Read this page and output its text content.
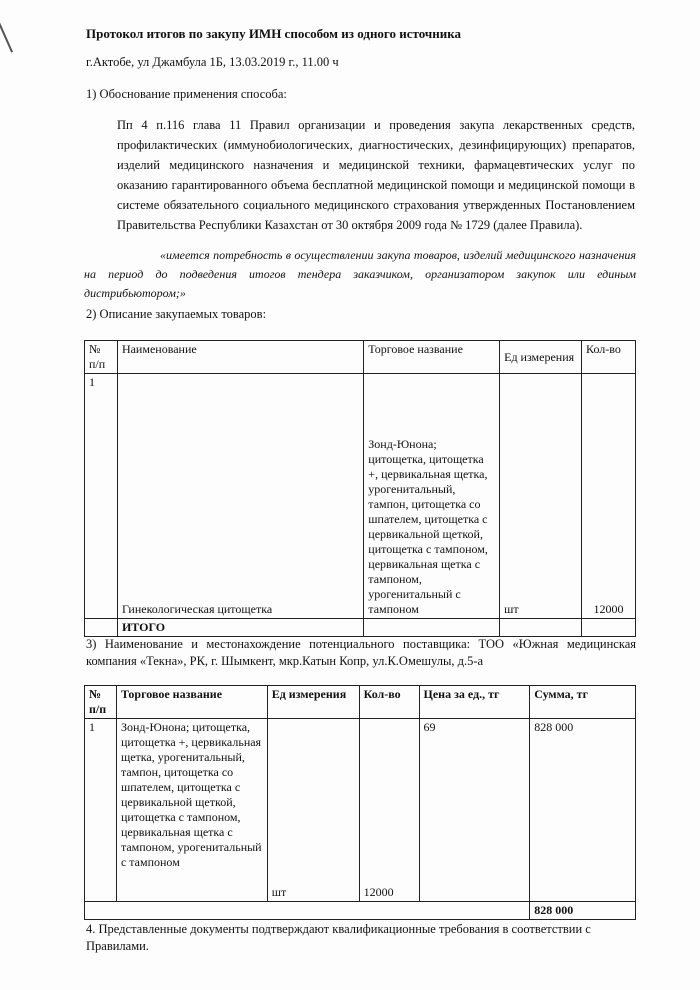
Протокол итогов по закупу ИМН способом из одного источника
г.Актобе, ул Джамбула 1Б, 13.03.2019 г., 11.00 ч
1) Обоснование применения способа:
Пп 4 п.116 глава 11 Правил организации и проведения закупа лекарственных средств, профилактических (иммунобиологических, диагностических, дезинфицирующих) препаратов, изделий медицинского назначения и медицинской техники, фармацевтических услуг по оказанию гарантированного объема бесплатной медицинской помощи и медицинской помощи в системе обязательного социального медицинского страхования утвержденных Постановлением Правительства Республики Казахстан от 30 октября 2009 года № 1729 (далее Правила).
«имеется потребность в осуществлении закупа товаров, изделий медицинского назначения на период до подведения итогов тендера заказчиком, организатором закупок или единым дистрибьютором;»
2) Описание закупаемых товаров:
№ п/п	Наименование	Торговое название	Ед измерения	Кол-во
1	Гинекологическая цитощетка	Зонд-Юнона; цитощетка, цитощетка +, цервикальная щетка, урогенитальный, тампон, цитощетка со шпателем, цитощетка с цервикальной щеткой, цитощетка с тампоном, цервикальная щетка с тампоном, урогенитальный с тампоном	шт	12000
	ИТОГО			
3) Наименование и местонахождение потенциального поставщика: ТОО «Южная медицинская компания «Текна», РК, г. Шымкент, мкр.Катын Копр, ул.К.Омешулы, д.5-а
№ п/п	Торговое название	Ед измерения	Кол-во	Цена за ед., тг	Сумма, тг
1	Зонд-Юнона; цитощетка, цитощетка +, цервикальная щетка, урогенитальный, тампон, цитощетка со шпателем, цитощетка с цервикальной щеткой, цитощетка с тампоном, цервикальная щетка с тампоном, урогенитальный с тампоном	шт	12000	69	828 000
					828 000
4. Представленные документы подтверждают квалификационные требования в соответствии с Правилами.
